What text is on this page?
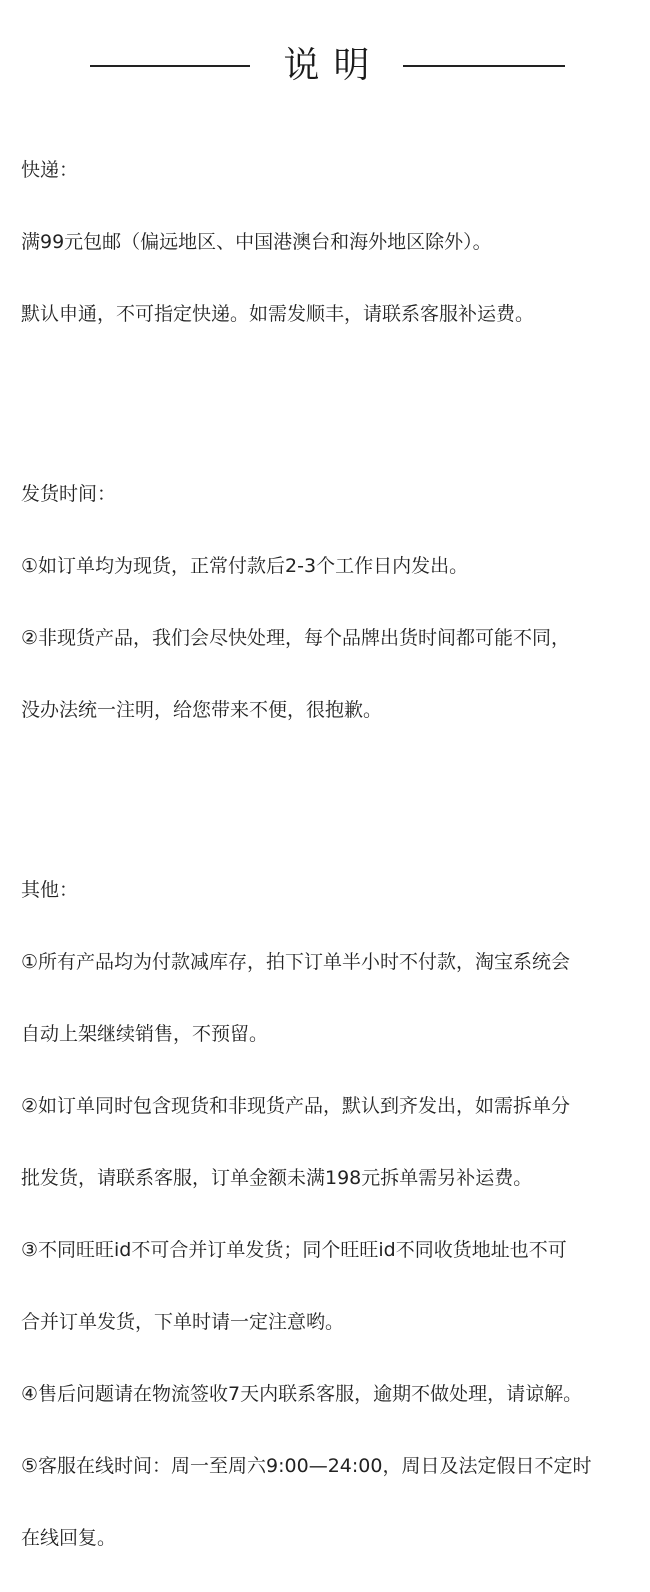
说明

快递：

满99元包邮（偏远地区、中国港澳台和海外地区除外）。

默认申通，不可指定快递。如需发顺丰，请联系客服补运费。

发货时间：

①如订单均为现货，正常付款后2-3个工作日内发出。

②非现货产品，我们会尽快处理，每个品牌出货时间都可能不同，

没办法统一注明，给您带来不便，很抱歉。

其他：

①所有产品均为付款减库存，拍下订单半小时不付款，淘宝系统会

自动上架继续销售，不预留。

②如订单同时包含现货和非现货产品，默认到齐发出，如需拆单分

批发货，请联系客服，订单金额未满198元拆单需另补运费。

③不同旺旺id不可合并订单发货；同个旺旺id不同收货地址也不可

合并订单发货，下单时请一定注意哟。

④售后问题请在物流签收7天内联系客服，逾期不做处理，请谅解。

⑤客服在线时间：周一至周六9:00—24:00，周日及法定假日不定时

在线回复。
